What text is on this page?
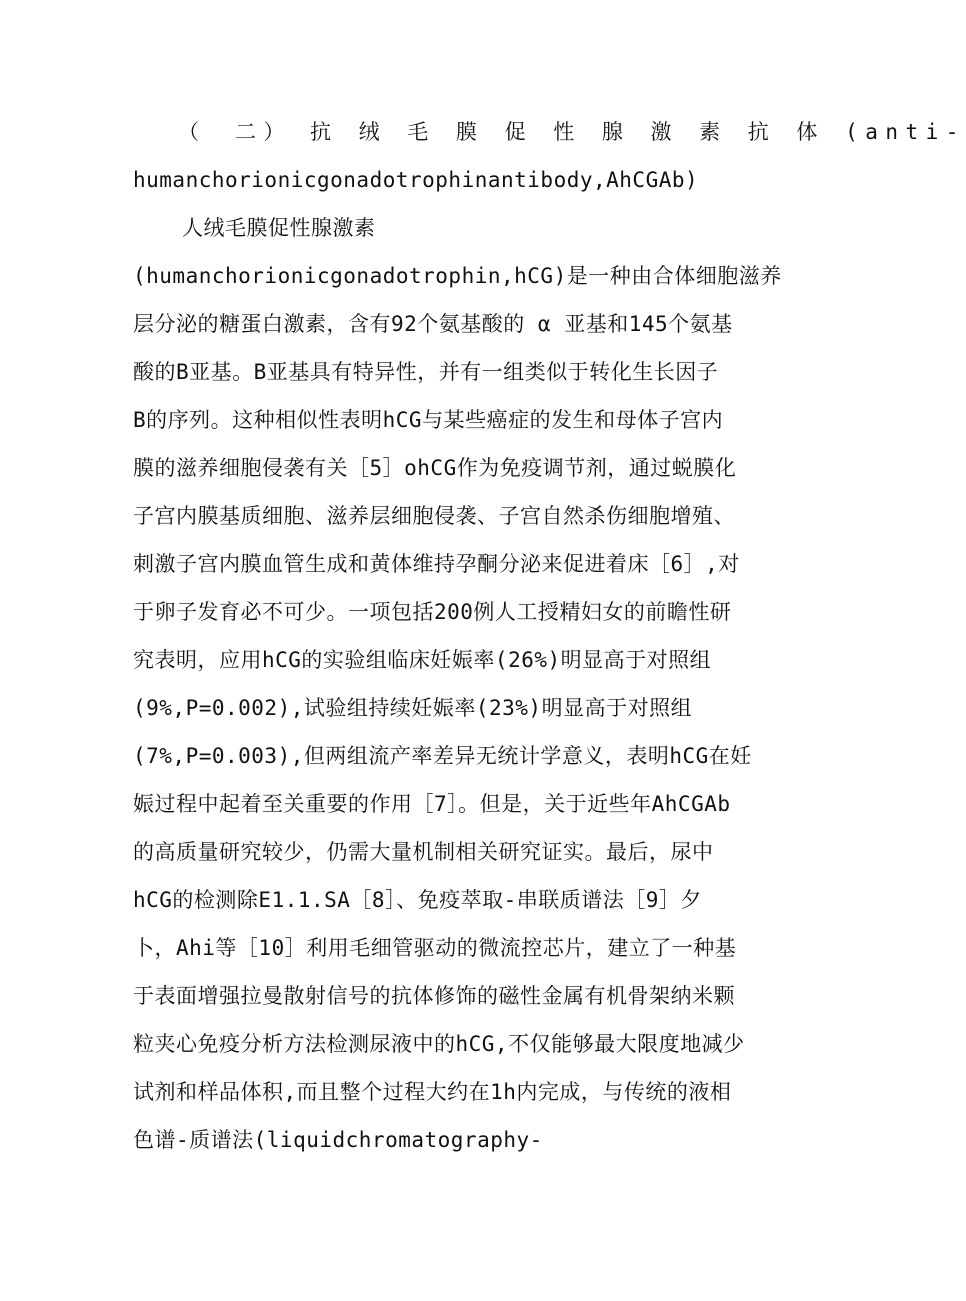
（　二）　抗 绒 毛 膜 促 性 腺 激 素 抗 体 (anti-

humanchorionicgonadotrophinantibody,AhCGAb)

人绒毛膜促性腺激素

(humanchorionicgonadotrophin,hCG)是一种由合体细胞滋养

层分泌的糖蛋白激素，含有92个氨基酸的 α 亚基和145个氨基

酸的B亚基。B亚基具有特异性，并有一组类似于转化生长因子

B的序列。这种相似性表明hCG与某些癌症的发生和母体子宫内

膜的滋养细胞侵袭有关［5］ohCG作为免疫调节剂，通过蜕膜化

子宫内膜基质细胞、滋养层细胞侵袭、子宫自然杀伤细胞增殖、

刺激子宫内膜血管生成和黄体维持孕酮分泌来促进着床［6］,对

于卵子发育必不可少。一项包括200例人工授精妇女的前瞻性研

究表明，应用hCG的实验组临床妊娠率(26%)明显高于对照组

(9%,P=0.002),试验组持续妊娠率(23%)明显高于对照组

(7%,P=0.003),但两组流产率差异无统计学意义，表明hCG在妊

娠过程中起着至关重要的作用［7］。但是，关于近些年AhCGAb

的高质量研究较少，仍需大量机制相关研究证实。最后，尿中

hCG的检测除E1.1.SA［8］、免疫萃取-串联质谱法［9］夕

卜，Ahi等［10］利用毛细管驱动的微流控芯片，建立了一种基

于表面增强拉曼散射信号的抗体修饰的磁性金属有机骨架纳米颗

粒夹心免疫分析方法检测尿液中的hCG,不仅能够最大限度地减少

试剂和样品体积,而且整个过程大约在1h内完成，与传统的液相

色谱-质谱法(liquidchromatography-
